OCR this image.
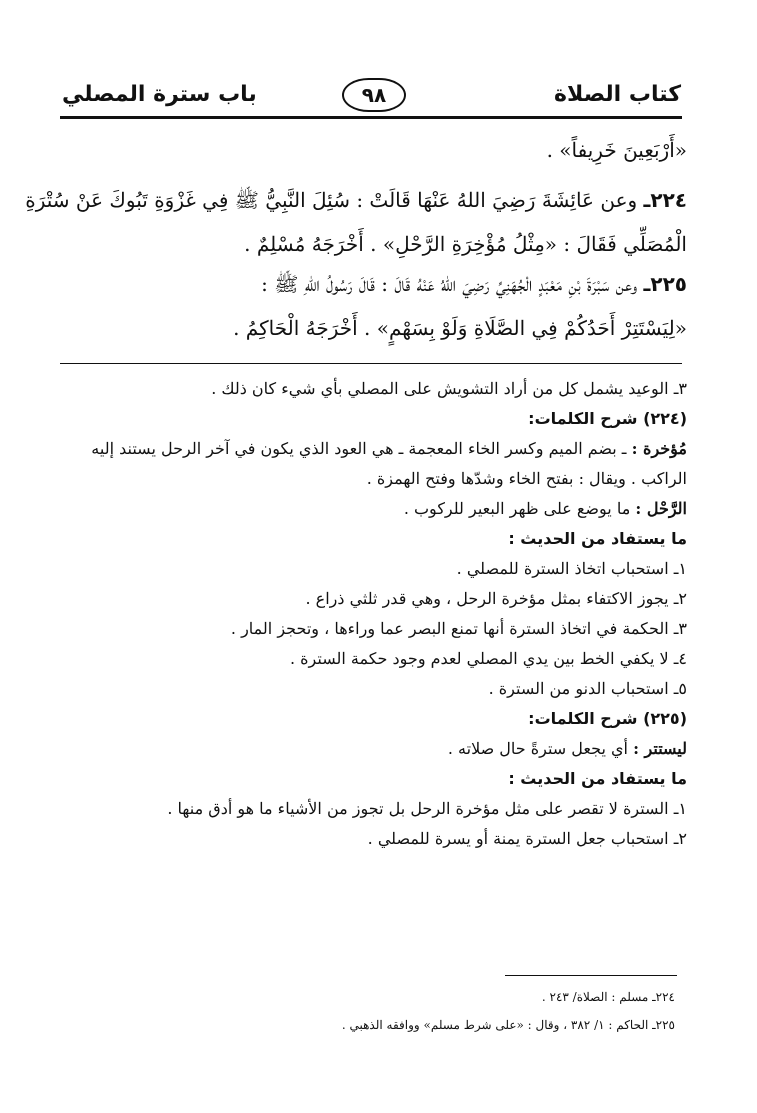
كتاب الصلاة
٩٨
باب سترة المصلي
«أَرْبَعِينَ خَرِيفاً» .
٢٢٤ـ وعن عَائِشَةَ رَضِيَ اللهُ عَنْهَا قَالَتْ : سُئِلَ النَّبِيُّ ﷺ فِي غَزْوَةِ تَبُوكَ عَنْ سُتْرَةِ
الْمُصَلِّي فَقَالَ : «مِثْلُ مُؤْخِرَةِ الرَّحْلِ» . أَخْرَجَهُ مُسْلِمٌ .
٢٢٥ـ وعن سَبْرَةَ بْنِ مَعْبَدٍ الْجُهَنِيِّ رَضِيَ اللهُ عَنْهُ قَالَ : قَالَ رَسُولُ اللهِ ﷺ :
«لِيَسْتَتِرْ أَحَدُكُمْ فِي الصَّلَاةِ وَلَوْ بِسَهْمٍ» . أَخْرَجَهُ الْحَاكِمُ .
٣ـ الوعيد يشمل كل من أراد التشويش على المصلي بأي شيء كان ذلك .
(٢٢٤) شرح الكلمات:
مُؤخرة : ـ بضم الميم وكسر الخاء المعجمة ـ هي العود الذي يكون في آخر الرحل يستند إليه
الراكب . ويقال : بفتح الخاء وشدّها وفتح الهمزة .
الرَّحْل : ما يوضع على ظهر البعير للركوب .
ما يستفاد من الحديث :
١ـ استحباب اتخاذ السترة للمصلي .
٢ـ يجوز الاكتفاء بمثل مؤخرة الرحل ، وهي قدر ثلثي ذراع .
٣ـ الحكمة في اتخاذ السترة أنها تمنع البصر عما وراءها ، وتحجز المار .
٤ـ لا يكفي الخط بين يدي المصلي لعدم وجود حكمة السترة .
٥ـ استحباب الدنو من السترة .
(٢٢٥) شرح الكلمات:
ليستتر : أي يجعل سترةً حال صلاته .
ما يستفاد من الحديث :
١ـ السترة لا تقصر على مثل مؤخرة الرحل بل تجوز من الأشياء ما هو أدق منها .
٢ـ استحباب جعل السترة يمنة أو يسرة للمصلي .
٢٢٤ـ مسلم : الصلاة/ ٢٤٣ .
٢٢٥ـ الحاكم : ١/ ٣٨٢ ، وقال : «على شرط مسلم» ووافقه الذهبي .
